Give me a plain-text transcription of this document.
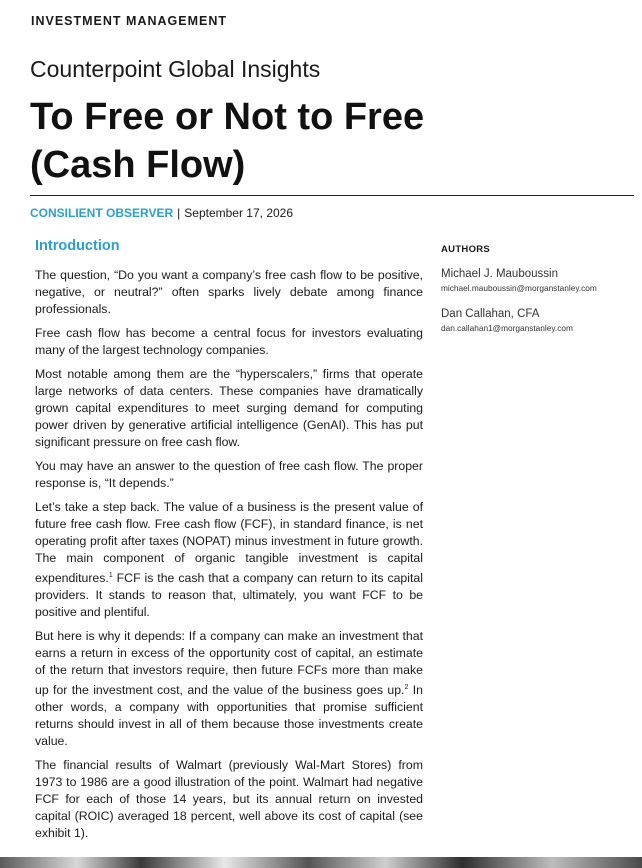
INVESTMENT MANAGEMENT
Counterpoint Global Insights
To Free or Not to Free
(Cash Flow)
CONSILIENT OBSERVER | September 17, 2026
Introduction

The question, “Do you want a company’s free cash flow to be positive, negative, or neutral?” often sparks lively debate among finance professionals.

Free cash flow has become a central focus for investors evaluating many of the largest technology companies.

Most notable among them are the “hyperscalers,” firms that operate large networks of data centers. These companies have dramatically grown capital expenditures to meet surging demand for computing power driven by generative artificial intelligence (GenAI). This has put significant pressure on free cash flow.

You may have an answer to the question of free cash flow. The proper response is, “It depends.”

Let’s take a step back. The value of a business is the present value of future free cash flow. Free cash flow (FCF), in standard finance, is net operating profit after taxes (NOPAT) minus investment in future growth. The main component of organic tangible investment is capital expenditures.$^1$ FCF is the cash that a company can return to its capital providers. It stands to reason that, ultimately, you want FCF to be positive and plentiful.

But here is why it depends: If a company can make an investment that earns a return in excess of the opportunity cost of capital, an estimate of the return that investors require, then future FCFs more than make up for the investment cost, and the value of the business goes up.$^2$ In other words, a company with opportunities that promise sufficient returns should invest in all of them because those investments create value.

The financial results of Walmart (previously Wal-Mart Stores) from 1973 to 1986 are a good illustration of the point. Walmart had negative FCF for each of those 14 years, but its annual return on invested capital (ROIC) averaged 18 percent, well above its cost of capital (see exhibit 1).

AUTHORS
Michael J. Mauboussin
michael.mauboussin@morganstanley.com
Dan Callahan, CFA
dan.callahan1@morganstanley.com
